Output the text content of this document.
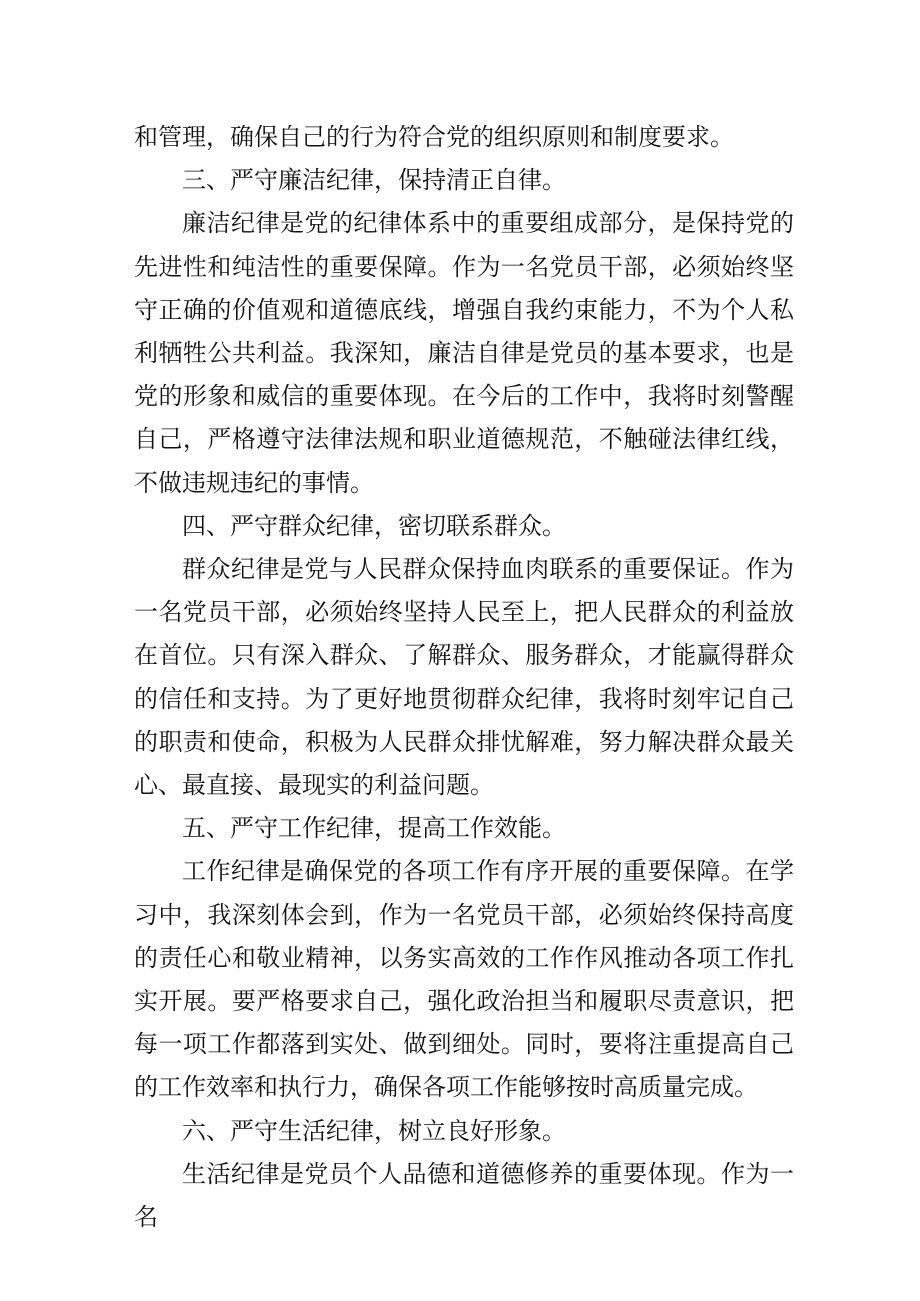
和管理，确保自己的行为符合党的组织原则和制度要求。

三、严守廉洁纪律，保持清正自律。

廉洁纪律是党的纪律体系中的重要组成部分，是保持党的先进性和纯洁性的重要保障。作为一名党员干部，必须始终坚守正确的价值观和道德底线，增强自我约束能力，不为个人私利牺牲公共利益。我深知，廉洁自律是党员的基本要求，也是党的形象和威信的重要体现。在今后的工作中，我将时刻警醒自己，严格遵守法律法规和职业道德规范，不触碰法律红线，不做违规违纪的事情。

四、严守群众纪律，密切联系群众。

群众纪律是党与人民群众保持血肉联系的重要保证。作为一名党员干部，必须始终坚持人民至上，把人民群众的利益放在首位。只有深入群众、了解群众、服务群众，才能赢得群众的信任和支持。为了更好地贯彻群众纪律，我将时刻牢记自己的职责和使命，积极为人民群众排忧解难，努力解决群众最关心、最直接、最现实的利益问题。

五、严守工作纪律，提高工作效能。

工作纪律是确保党的各项工作有序开展的重要保障。在学习中，我深刻体会到，作为一名党员干部，必须始终保持高度的责任心和敬业精神，以务实高效的工作作风推动各项工作扎实开展。要严格要求自己，强化政治担当和履职尽责意识，把每一项工作都落到实处、做到细处。同时，要将注重提高自己的工作效率和执行力，确保各项工作能够按时高质量完成。

六、严守生活纪律，树立良好形象。

生活纪律是党员个人品德和道德修养的重要体现。作为一名
